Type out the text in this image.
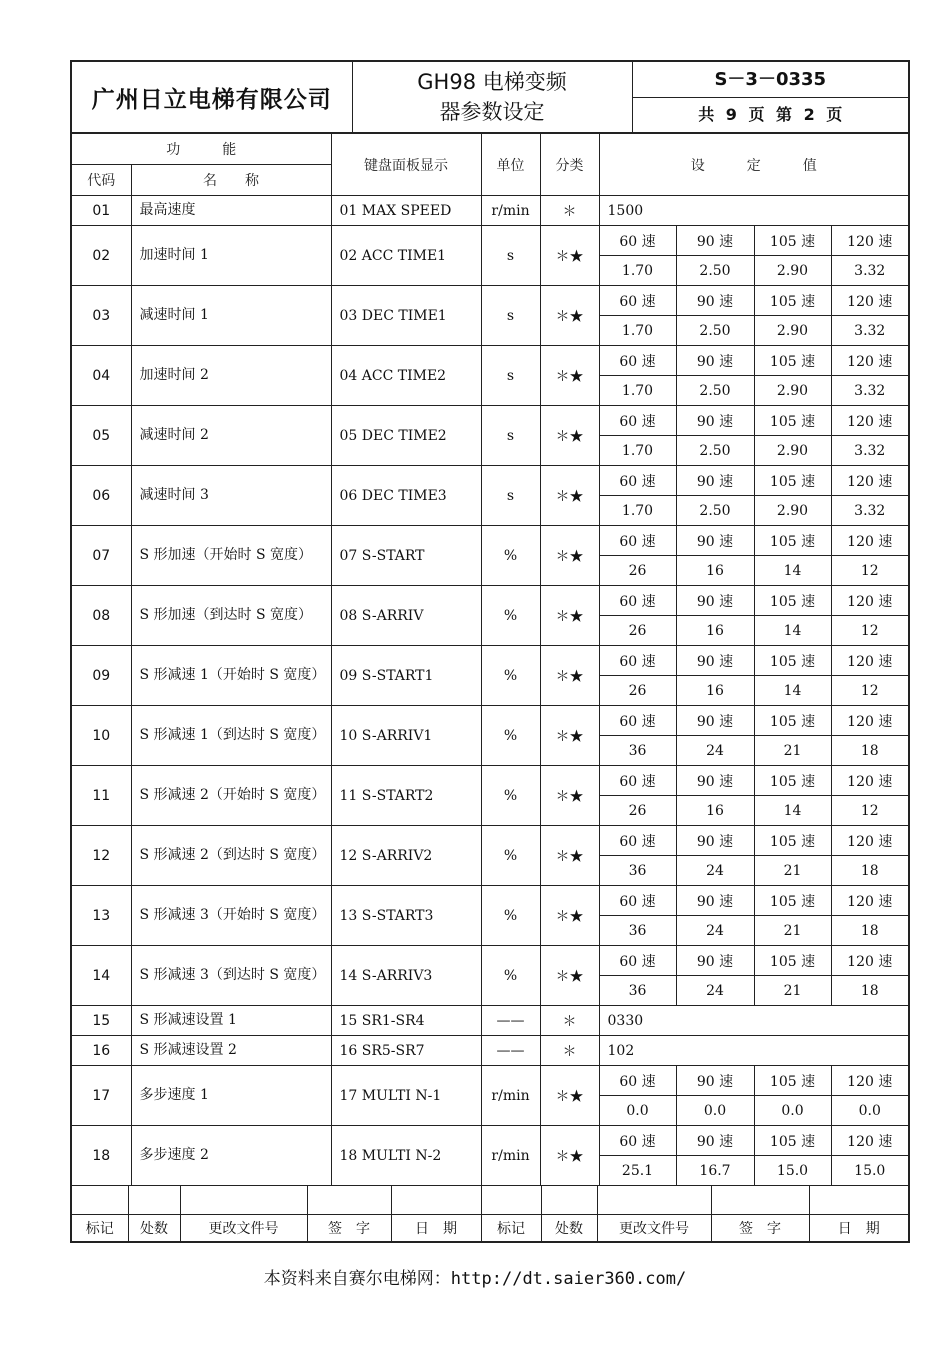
广州日立电梯有限公司	
GH98 电梯变频
器参数设定

S－3－0335
共 9 页 第 2 页
功　　　能		键盘面板显示	单位	分类	设　　　定　　　值			
代码	名　　称							
01	最高速度	01 MAX SPEED	r/min	＊	1500			
02	加速时间 1	02 ACC TIME1	s	＊★	60 速	90 速	105 速	120 速
					1.70	2.50	2.90	3.32
03	减速时间 1	03 DEC TIME1	s	＊★	60 速	90 速	105 速	120 速
					1.70	2.50	2.90	3.32
04	加速时间 2	04 ACC TIME2	s	＊★	60 速	90 速	105 速	120 速
					1.70	2.50	2.90	3.32
05	减速时间 2	05 DEC TIME2	s	＊★	60 速	90 速	105 速	120 速
					1.70	2.50	2.90	3.32
06	减速时间 3	06 DEC TIME3	s	＊★	60 速	90 速	105 速	120 速
					1.70	2.50	2.90	3.32
07	S 形加速（开始时 S 宽度）	07 S-START	%	＊★	60 速	90 速	105 速	120 速
					26	16	14	12
08	S 形加速（到达时 S 宽度）	08 S-ARRIV	%	＊★	60 速	90 速	105 速	120 速
					26	16	14	12
09	S 形减速 1（开始时 S 宽度）	09 S-START1	%	＊★	60 速	90 速	105 速	120 速
					26	16	14	12
10	S 形减速 1（到达时 S 宽度）	10 S-ARRIV1	%	＊★	60 速	90 速	105 速	120 速
					36	24	21	18
11	S 形减速 2（开始时 S 宽度）	11 S-START2	%	＊★	60 速	90 速	105 速	120 速
					26	16	14	12
12	S 形减速 2（到达时 S 宽度）	12 S-ARRIV2	%	＊★	60 速	90 速	105 速	120 速
					36	24	21	18
13	S 形减速 3（开始时 S 宽度）	13 S-START3	%	＊★	60 速	90 速	105 速	120 速
					36	24	21	18
14	S 形减速 3（到达时 S 宽度）	14 S-ARRIV3	%	＊★	60 速	90 速	105 速	120 速
					36	24	21	18
15	S 形减速设置 1	15 SR1-SR4	——	＊	0330			
16	S 形减速设置 2	16 SR5-SR7	——	＊	102			
17	多步速度 1	17 MULTI N-1	r/min	＊★	60 速	90 速	105 速	120 速
					0.0	0.0	0.0	0.0
18	多步速度 2	18 MULTI N-2	r/min	＊★	60 速	90 速	105 速	120 速
					25.1	16.7	15.0	15.0

标记	处数	更改文件号	签　字	日　期	标记	处数	更改文件号	签　字	日　期
本资料来自赛尔电梯网：http://dt.saier360.com/
